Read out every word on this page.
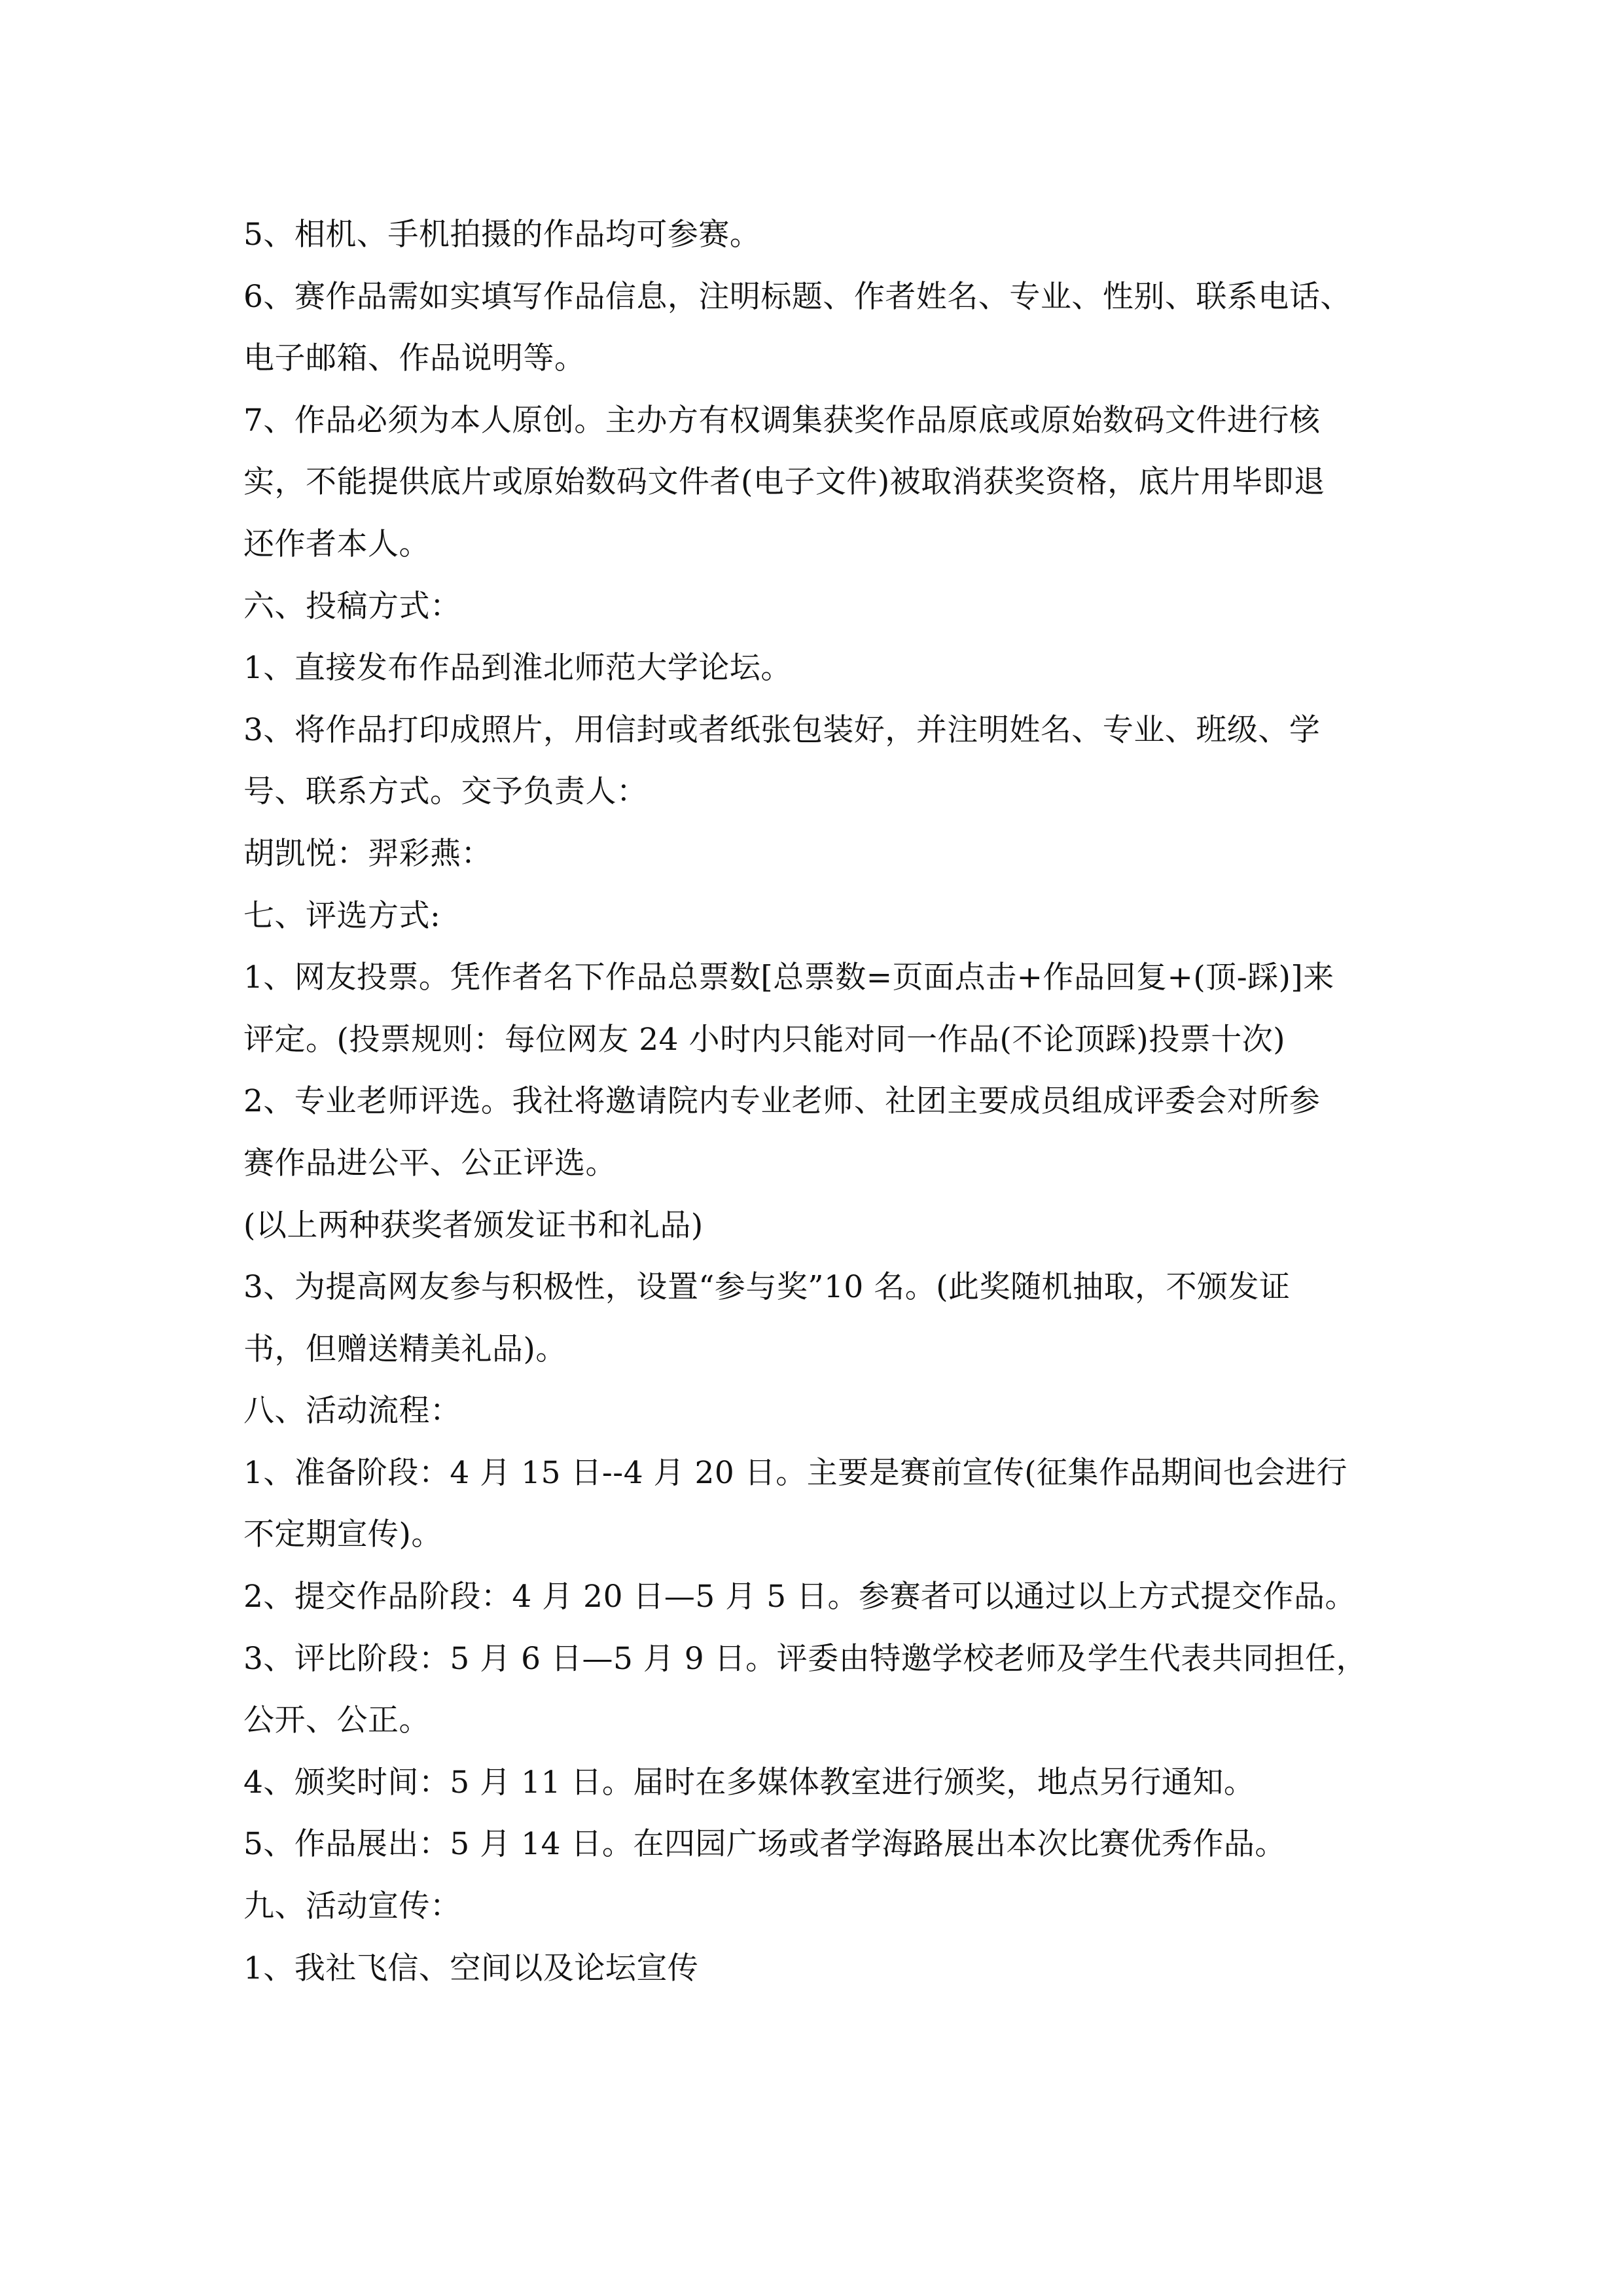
5、相机、手机拍摄的作品均可参赛。
6、赛作品需如实填写作品信息，注明标题、作者姓名、专业、性别、联系电话、
电子邮箱、作品说明等。
7、作品必须为本人原创。主办方有权调集获奖作品原底或原始数码文件进行核
实，不能提供底片或原始数码文件者(电子文件)被取消获奖资格，底片用毕即退
还作者本人。
六、投稿方式：
1、直接发布作品到淮北师范大学论坛。
3、将作品打印成照片，用信封或者纸张包装好，并注明姓名、专业、班级、学
号、联系方式。交予负责人：
胡凯悦：羿彩燕：
七、评选方式:
1、网友投票。凭作者名下作品总票数[总票数=页面点击+作品回复+(顶-踩)]来
评定。(投票规则：每位网友 24 小时内只能对同一作品(不论顶踩)投票十次)
2、专业老师评选。我社将邀请院内专业老师、社团主要成员组成评委会对所参
赛作品进公平、公正评选。
(以上两种获奖者颁发证书和礼品)
3、为提高网友参与积极性，设置“参与奖”10 名。(此奖随机抽取，不颁发证
书，但赠送精美礼品)。
八、活动流程：
1、准备阶段：4 月 15 日--4 月 20 日。主要是赛前宣传(征集作品期间也会进行
不定期宣传)。
2、提交作品阶段：4 月 20 日—5 月 5 日。参赛者可以通过以上方式提交作品。
3、评比阶段：5 月 6 日—5 月 9 日。评委由特邀学校老师及学生代表共同担任，
公开、公正。
4、颁奖时间：5 月 11 日。届时在多媒体教室进行颁奖，地点另行通知。
5、作品展出：5 月 14 日。在四园广场或者学海路展出本次比赛优秀作品。
九、活动宣传：
1、我社飞信、空间以及论坛宣传
